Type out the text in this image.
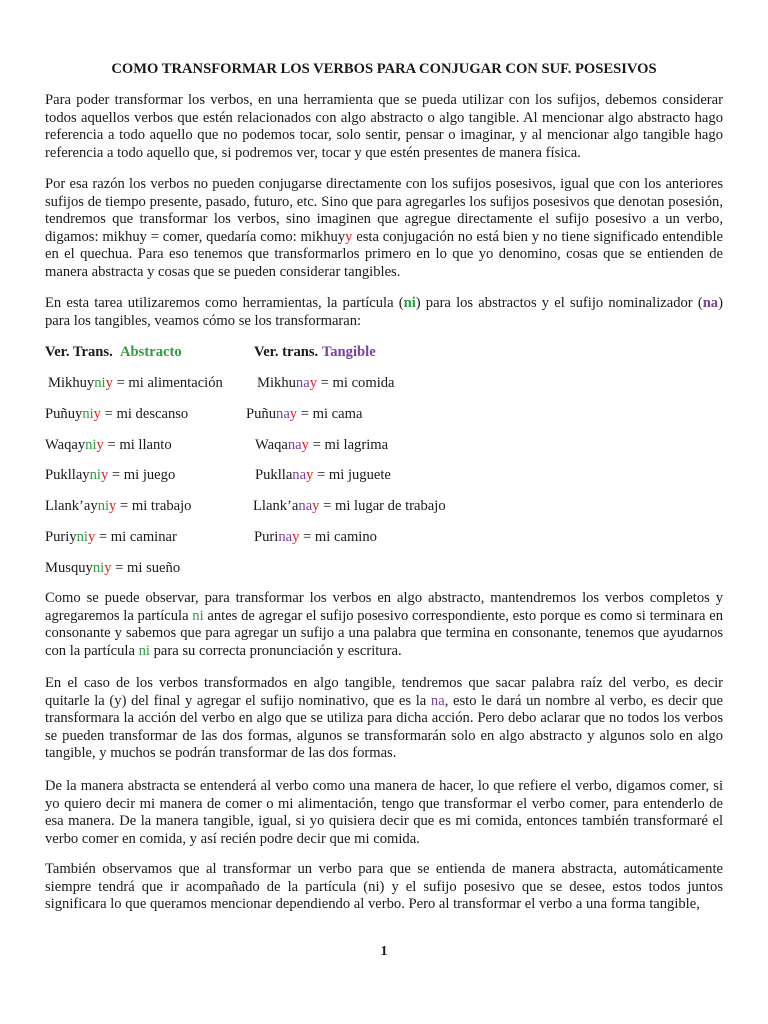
COMO TRANSFORMAR LOS VERBOS PARA CONJUGAR CON SUF. POSESIVOS

Para poder transformar los verbos, en una herramienta que se pueda utilizar con los sufijos, debemos considerar todos aquellos verbos que estén relacionados con algo abstracto o algo tangible. Al mencionar algo abstracto hago referencia a todo aquello que no podemos tocar, solo sentir, pensar o imaginar, y al mencionar algo tangible hago referencia a todo aquello que, si podremos ver, tocar y que estén presentes de manera física.

Por esa razón los verbos no pueden conjugarse directamente con los sufijos posesivos, igual que con los anteriores sufijos de tiempo presente, pasado, futuro, etc. Sino que para agregarles los sufijos posesivos que denotan posesión, tendremos que transformar los verbos, sino imaginen que agregue directamente el sufijo posesivo a un verbo, digamos: mikhuy = comer, quedaría como: mikhuyy esta conjugación no está bien y no tiene significado entendible en el quechua. Para eso tenemos que transformarlos primero en lo que yo denomino, cosas que se entienden de manera abstracta y cosas que se pueden considerar tangibles.

En esta tarea utilizaremos como herramientas, la partícula (ni) para los abstractos y el sufijo nominalizador (na) para los tangibles, veamos cómo se los transformaran:

Ver. Trans. Abstracto	Ver. trans. Tangible
Mikhuyniy = mi alimentación
Puñuyniy = mi descanso
Waqayniy = mi llanto
Pukllayniy = mi juego
Llank’ayniy = mi trabajo
Puriyniy = mi caminar
Musquyniy = mi sueño
Mikhunay = mi comida
Puñunay = mi cama
Waqanay = mi lagrima
Pukllanay = mi juguete
Llank’anay = mi lugar de trabajo
Purinay = mi camino

Como se puede observar, para transformar los verbos en algo abstracto, mantendremos los verbos completos y agregaremos la partícula ni antes de agregar el sufijo posesivo correspondiente, esto porque es como si terminara en consonante y sabemos que para agregar un sufijo a una palabra que termina en consonante, tenemos que ayudarnos con la partícula ni para su correcta pronunciación y escritura.

En el caso de los verbos transformados en algo tangible, tendremos que sacar palabra raíz del verbo, es decir quitarle la (y) del final y agregar el sufijo nominativo, que es la na, esto le dará un nombre al verbo, es decir que transformara la acción del verbo en algo que se utiliza para dicha acción. Pero debo aclarar que no todos los verbos se pueden transformar de las dos formas, algunos se transformarán solo en algo abstracto y algunos solo en algo tangible, y muchos se podrán transformar de las dos formas.

De la manera abstracta se entenderá al verbo como una manera de hacer, lo que refiere el verbo, digamos comer, si yo quiero decir mi manera de comer o mi alimentación, tengo que transformar el verbo comer, para entenderlo de esa manera. De la manera tangible, igual, si yo quisiera decir que es mi comida, entonces también transformaré el verbo comer en comida, y así recién podre decir que mi comida.

También observamos que al transformar un verbo para que se entienda de manera abstracta, automáticamente siempre tendrá que ir acompañado de la partícula (ni) y el sufijo posesivo que se desee, estos todos juntos significara lo que queramos mencionar dependiendo al verbo. Pero al transformar el verbo a una forma tangible,

1
